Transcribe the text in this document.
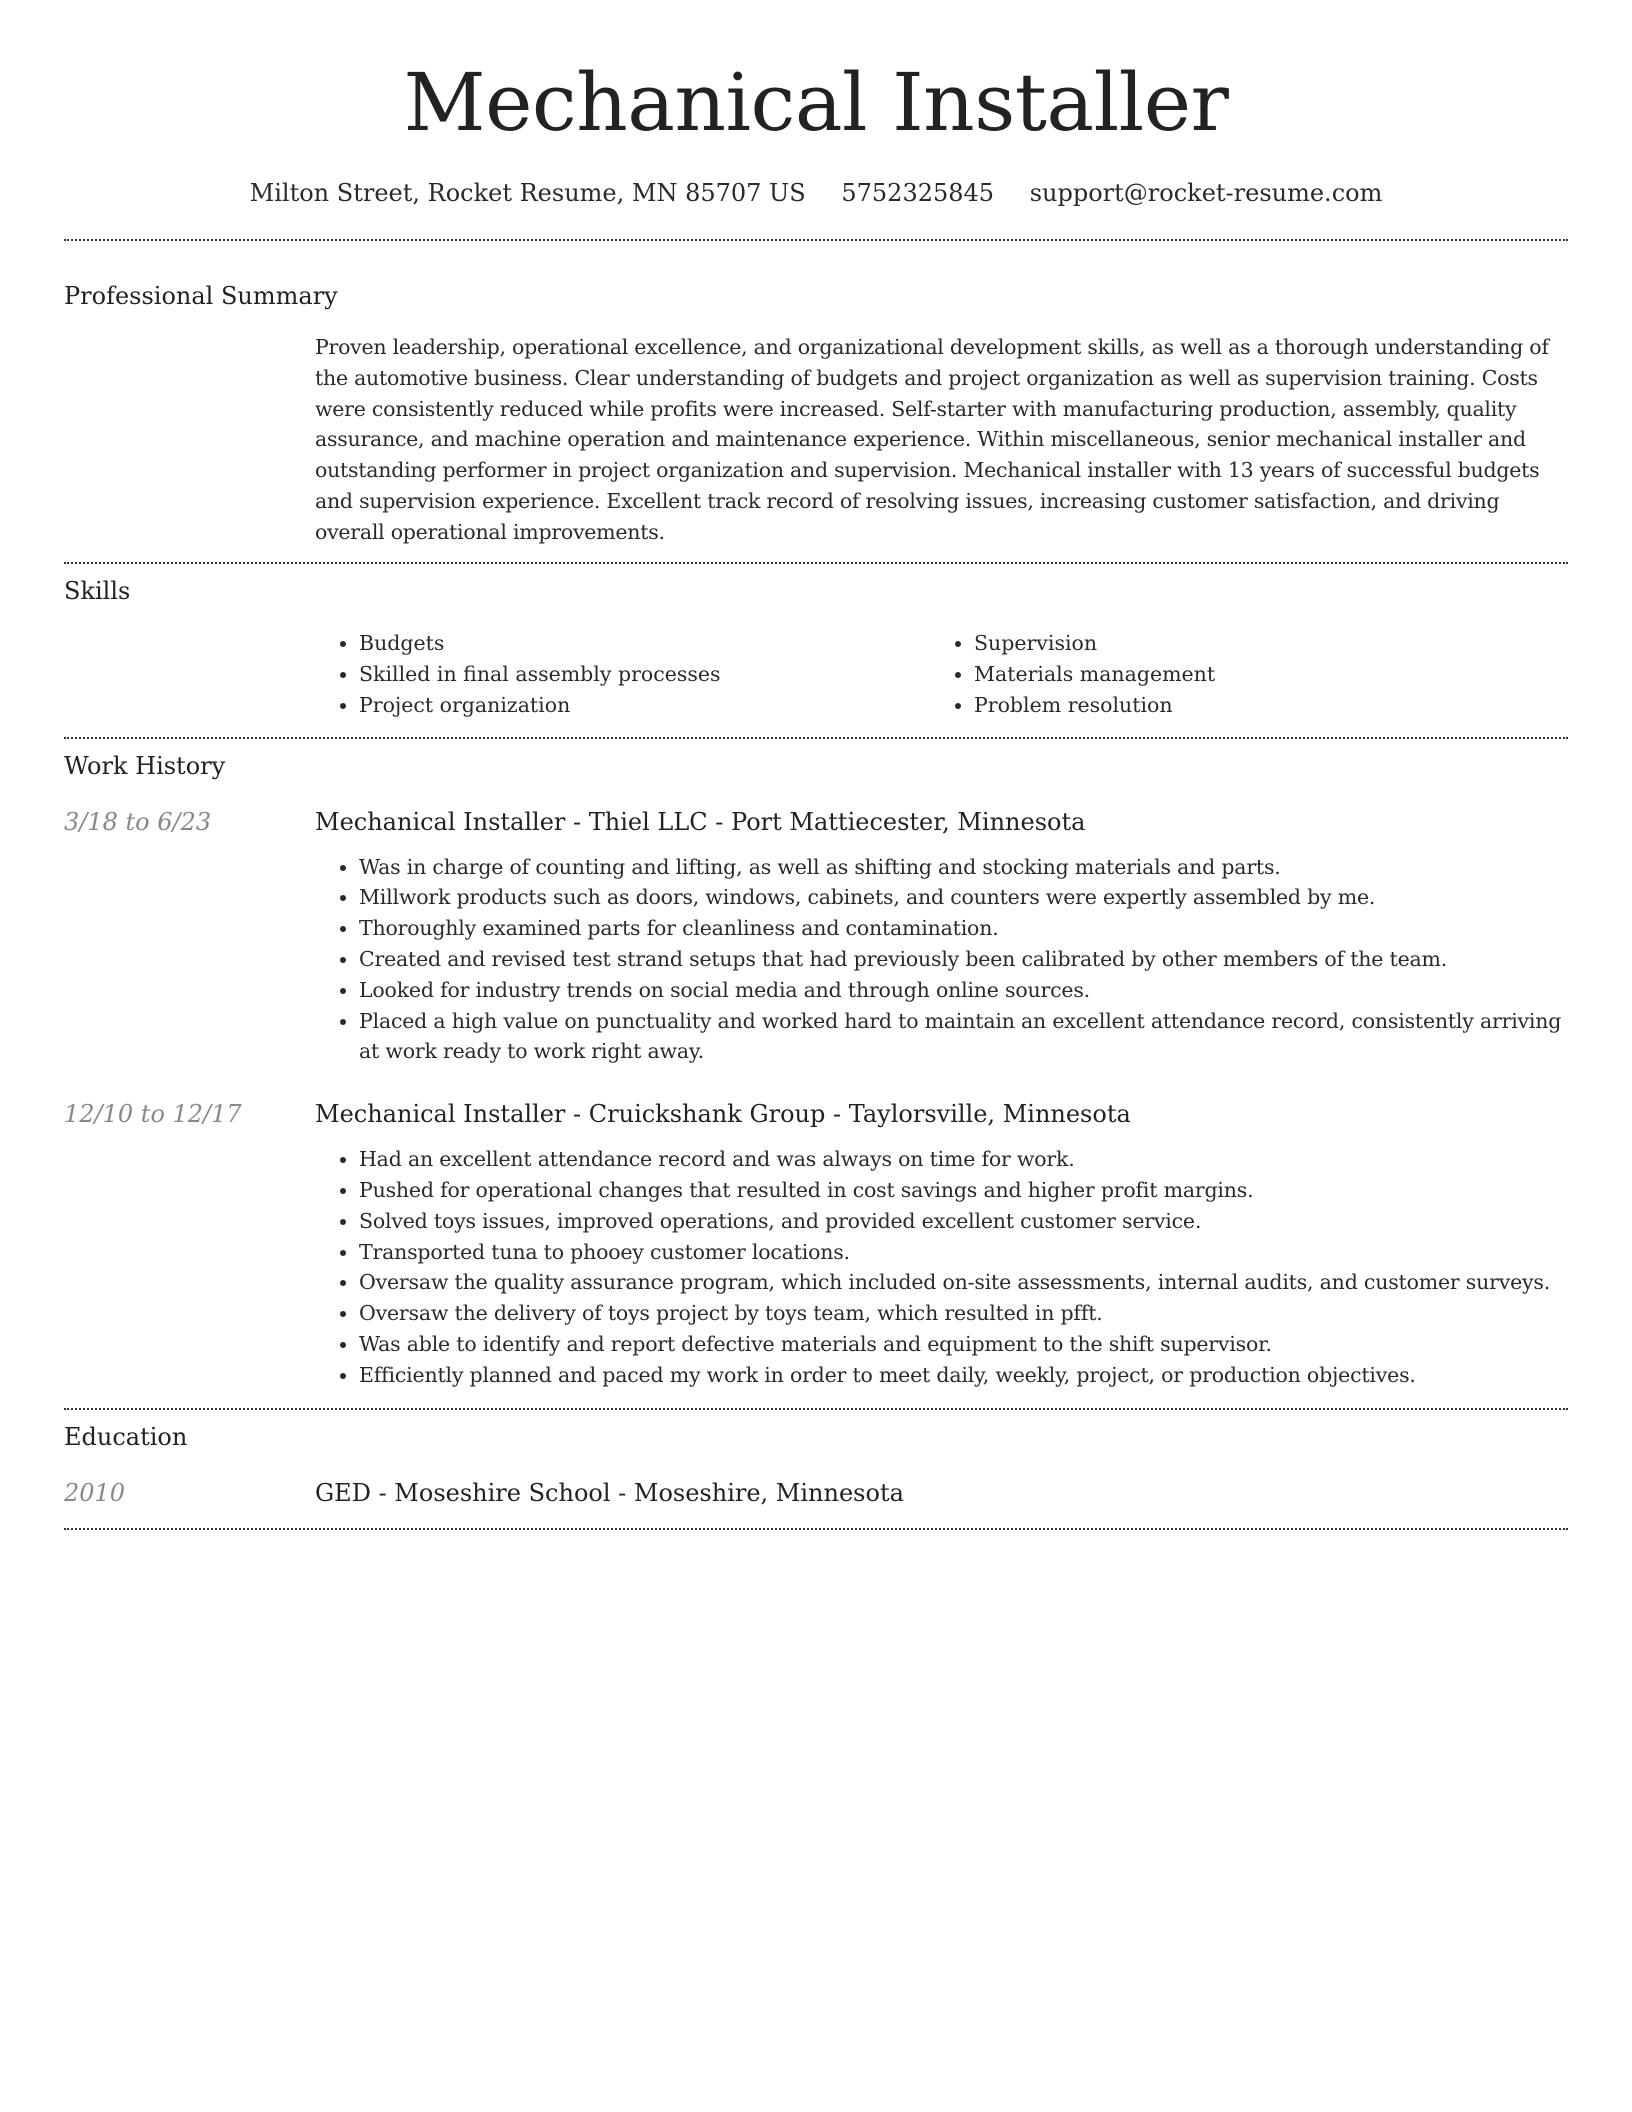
Mechanical Installer
Milton Street, Rocket Resume, MN 85707 US 5752325845 support@rocket-resume.com
Professional Summary

Proven leadership, operational excellence, and organizational development skills, as well as a thorough understanding of the automotive business. Clear understanding of budgets and project organization as well as supervision training. Costs were consistently reduced while profits were increased. Self-starter with manufacturing production, assembly, quality assurance, and machine operation and maintenance experience. Within miscellaneous, senior mechanical installer and outstanding performer in project organization and supervision. Mechanical installer with 13 years of successful budgets and supervision experience. Excellent track record of resolving issues, increasing customer satisfaction, and driving overall operational improvements.

Skills
• Budgets
• Skilled in final assembly processes
• Project organization
• Supervision
• Materials management
• Problem resolution
Work History
3/18 to 6/23	Mechanical Installer - Thiel LLC - Port Mattiecester, Minnesota
• Was in charge of counting and lifting, as well as shifting and stocking materials and parts.
• Millwork products such as doors, windows, cabinets, and counters were expertly assembled by me.
• Thoroughly examined parts for cleanliness and contamination.
• Created and revised test strand setups that had previously been calibrated by other members of the team.
• Looked for industry trends on social media and through online sources.
• Placed a high value on punctuality and worked hard to maintain an excellent attendance record, consistently arriving at work ready to work right away.
12/10 to 12/17	Mechanical Installer - Cruickshank Group - Taylorsville, Minnesota
• Had an excellent attendance record and was always on time for work.
• Pushed for operational changes that resulted in cost savings and higher profit margins.
• Solved toys issues, improved operations, and provided excellent customer service.
• Transported tuna to phooey customer locations.
• Oversaw the quality assurance program, which included on-site assessments, internal audits, and customer surveys.
• Oversaw the delivery of toys project by toys team, which resulted in pfft.
• Was able to identify and report defective materials and equipment to the shift supervisor.
• Efficiently planned and paced my work in order to meet daily, weekly, project, or production objectives.
Education
2010	GED - Moseshire School - Moseshire, Minnesota
